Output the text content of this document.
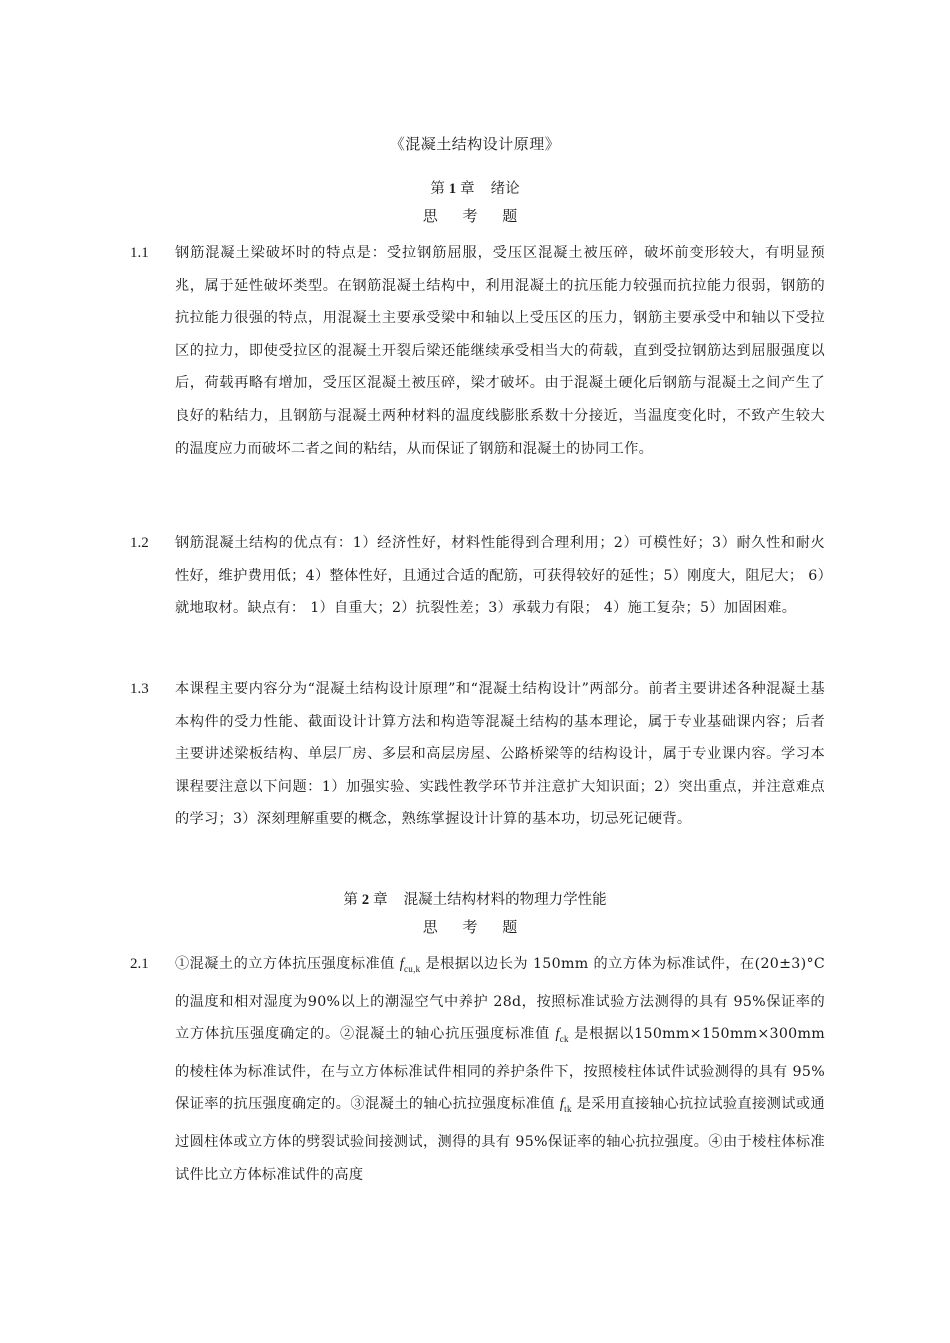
《混凝土结构设计原理》
第 1 章 绪论
思 考 题
1.1 钢筋混凝土梁破坏时的特点是：受拉钢筋屈服，受压区混凝土被压碎，破坏前变形较大，有明显预兆，属于延性破坏类型。在钢筋混凝土结构中，利用混凝土的抗压能力较强而抗拉能力很弱，钢筋的抗拉能力很强的特点，用混凝土主要承受梁中和轴以上受压区的压力，钢筋主要承受中和轴以下受拉区的拉力，即使受拉区的混凝土开裂后梁还能继续承受相当大的荷载，直到受拉钢筋达到屈服强度以后，荷载再略有增加，受压区混凝土被压碎，梁才破坏。由于混凝土硬化后钢筋与混凝土之间产生了良好的粘结力，且钢筋与混凝土两种材料的温度线膨胀系数十分接近，当温度变化时，不致产生较大的温度应力而破坏二者之间的粘结，从而保证了钢筋和混凝土的协同工作。
1.2 钢筋混凝土结构的优点有：1）经济性好，材料性能得到合理利用；2）可模性好；3）耐久性和耐火性好，维护费用低；4）整体性好，且通过合适的配筋，可获得较好的延性；5）刚度大，阻尼大； 6）就地取材。缺点有： 1）自重大；2）抗裂性差；3）承载力有限； 4）施工复杂；5）加固困难。
1.3 本课程主要内容分为“混凝土结构设计原理”和“混凝土结构设计”两部分。前者主要讲述各种混凝土基本构件的受力性能、截面设计计算方法和构造等混凝土结构的基本理论，属于专业基础课内容；后者主要讲述梁板结构、单层厂房、多层和高层房屋、公路桥梁等的结构设计，属于专业课内容。学习本课程要注意以下问题：1）加强实验、实践性教学环节并注意扩大知识面；2）突出重点，并注意难点的学习；3）深刻理解重要的概念，熟练掌握设计计算的基本功，切忌死记硬背。
第 2 章 混凝土结构材料的物理力学性能
思 考 题
2.1 ①混凝土的立方体抗压强度标准值 $f_{cu,k}$ 是根据以边长为 150mm 的立方体为标准试件，在(20±3)°C的温度和相对湿度为90%以上的潮湿空气中养护 28d，按照标准试验方法测得的具有 95%保证率的立方体抗压强度确定的。②混凝土的轴心抗压强度标准值 $f_{ck}$ 是根据以150mm×150mm×300mm 的棱柱体为标准试件，在与立方体标准试件相同的养护条件下，按照棱柱体试件试验测得的具有 95%保证率的抗压强度确定的。③混凝土的轴心抗拉强度标准值 $f_{tk}$ 是采用直接轴心抗拉试验直接测试或通过圆柱体或立方体的劈裂试验间接测试，测得的具有 95%保证率的轴心抗拉强度。④由于棱柱体标准试件比立方体标准试件的高度
